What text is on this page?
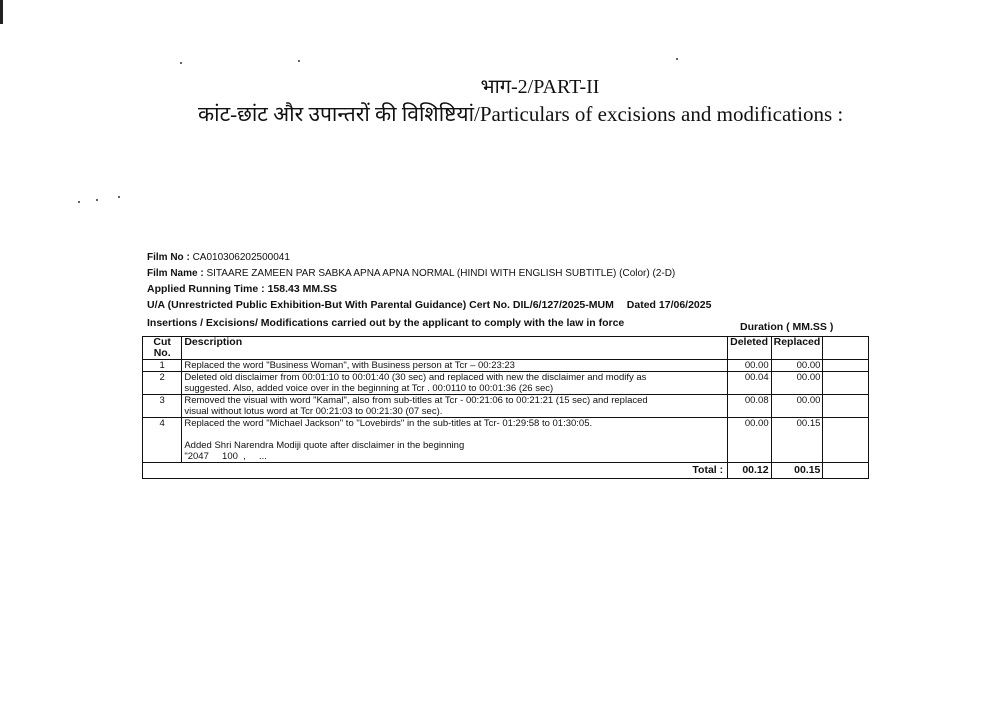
भाग-2/PART-II
कांट-छांट और उपान्तरों की विशिष्टियां/Particulars of excisions and modifications :
Film No : CA010306202500041
Film Name : SITAARE ZAMEEN PAR SABKA APNA APNA NORMAL (HINDI WITH ENGLISH SUBTITLE) (Color) (2-D)
Applied Running Time : 158.43 MM.SS
U/A (Unrestricted Public Exhibition-But With Parental Guidance) Cert No. DIL/6/127/2025-MUM Dated 17/06/2025
Insertions / Excisions/ Modifications carried out by the applicant to comply with the law in force	Duration ( MM.SS )
Cut No.	Description	Deleted	Replaced	
1	Replaced the word "Business Woman", with Business person at Tcr – 00:23:23	00.00	00.00	
2	Deleted old disclaimer from 00:01:10 to 00:01:40 (30 sec) and replaced with new the disclaimer and modify as
suggested. Also, added voice over in the beginning at Tcr . 00:0110 to 00:01:36 (26 sec)	00.04	00.00	
3	Removed the visual with word "Kamal", also from sub-titles at Tcr - 00:21:06 to 00:21:21 (15 sec) and replaced
visual without lotus word at Tcr 00:21:03 to 00:21:30 (07 sec).	00.08	00.00	
4	Replaced the word "Michael Jackson" to "Lovebirds" in the sub-titles at Tcr- 01:29:58 to 01:30:05.
Added Shri Narendra Modiji quote after disclaimer in the beginning
"2047     100  ,     ...	00.00	00.15	
Total :		00.12	00.15	
